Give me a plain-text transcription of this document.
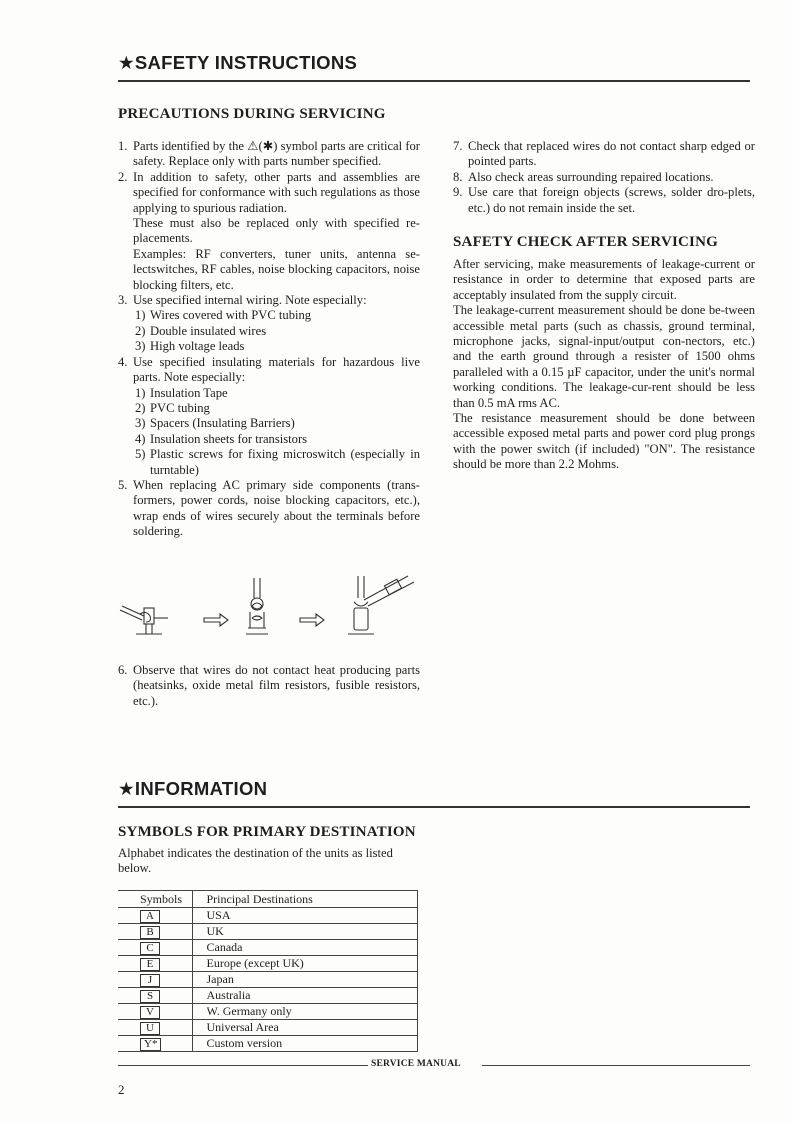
★SAFETY INSTRUCTIONS
PRECAUTIONS DURING SERVICING
1. Parts identified by the ⚠(✱) symbol parts are critical for safety. Replace only with parts number specified.

2. In addition to safety, other parts and assemblies are specified for conformance with such regulations as those applying to spurious radiation.

These must also be replaced only with specified re-placements.

Examples: RF converters, tuner units, antenna se-lectswitches, RF cables, noise blocking capacitors, noise blocking filters, etc.

3. Use specified internal wiring. Note especially:

1) Wires covered with PVC tubing
2) Double insulated wires
3) High voltage leads
4. Use specified insulating materials for hazardous live parts. Note especially:

1) Insulation Tape
2) PVC tubing
3) Spacers (Insulating Barriers)
4) Insulation sheets for transistors
5) Plastic screws for fixing microswitch (especially in turntable)
5. When replacing AC primary side components (trans-formers, power cords, noise blocking capacitors, etc.), wrap ends of wires securely about the terminals before soldering.

6. Observe that wires do not contact heat producing parts (heatsinks, oxide metal film resistors, fusible resistors, etc.).

7. Check that replaced wires do not contact sharp edged or pointed parts.

8. Also check areas surrounding repaired locations.

9. Use care that foreign objects (screws, solder dro-plets, etc.) do not remain inside the set.

SAFETY CHECK AFTER SERVICING

After servicing, make measurements of leakage-current or resistance in order to determine that exposed parts are acceptably insulated from the supply circuit.

The leakage-current measurement should be done be-tween accessible metal parts (such as chassis, ground terminal, microphone jacks, signal-input/output con-nectors, etc.) and the earth ground through a resister of 1500 ohms paralleled with a 0.15 µF capacitor, under the unit's normal working conditions. The leakage-cur-rent should be less than 0.5 mA rms AC.

The resistance measurement should be done between accessible exposed metal parts and power cord plug prongs with the power switch (if included) "ON". The resistance should be more than 2.2 Mohms.

★INFORMATION
SYMBOLS FOR PRIMARY DESTINATION
Alphabet indicates the destination of the units as listed below.
Symbols	Principal Destinations
A	USA
B	UK
C	Canada
E	Europe (except UK)
J	Japan
S	Australia
V	W. Germany only
U	Universal Area
Y*	Custom version
SERVICE MANUAL
2
